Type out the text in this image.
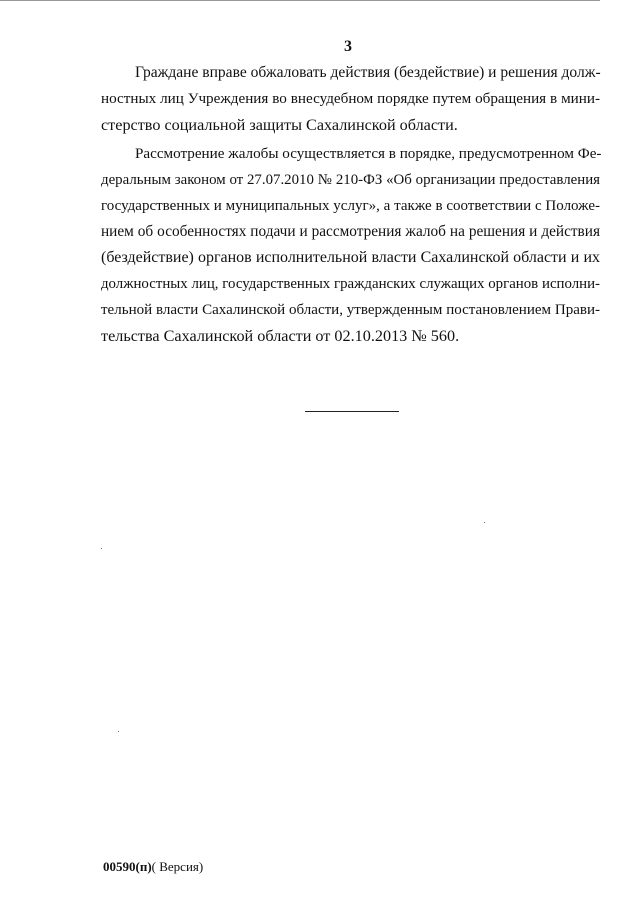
3

Граждане вправе обжаловать действия (бездействие) и решения долж-
ностных лиц Учреждения во внесудебном порядке путем обращения в мини-
стерство социальной защиты Сахалинской области.

Рассмотрение жалобы осуществляется в порядке, предусмотренном Фе-
деральным законом от 27.07.2010 № 210-ФЗ «Об организации предоставления
государственных и муниципальных услуг», а также в соответствии с Положе-
нием об особенностях подачи и рассмотрения жалоб на решения и действия
(бездействие) органов исполнительной власти Сахалинской области и их
должностных лиц, государственных гражданских служащих органов исполни-
тельной власти Сахалинской области, утвержденным постановлением Прави-
тельства Сахалинской области от 02.10.2013 № 560.

00590(п)( Версия)
